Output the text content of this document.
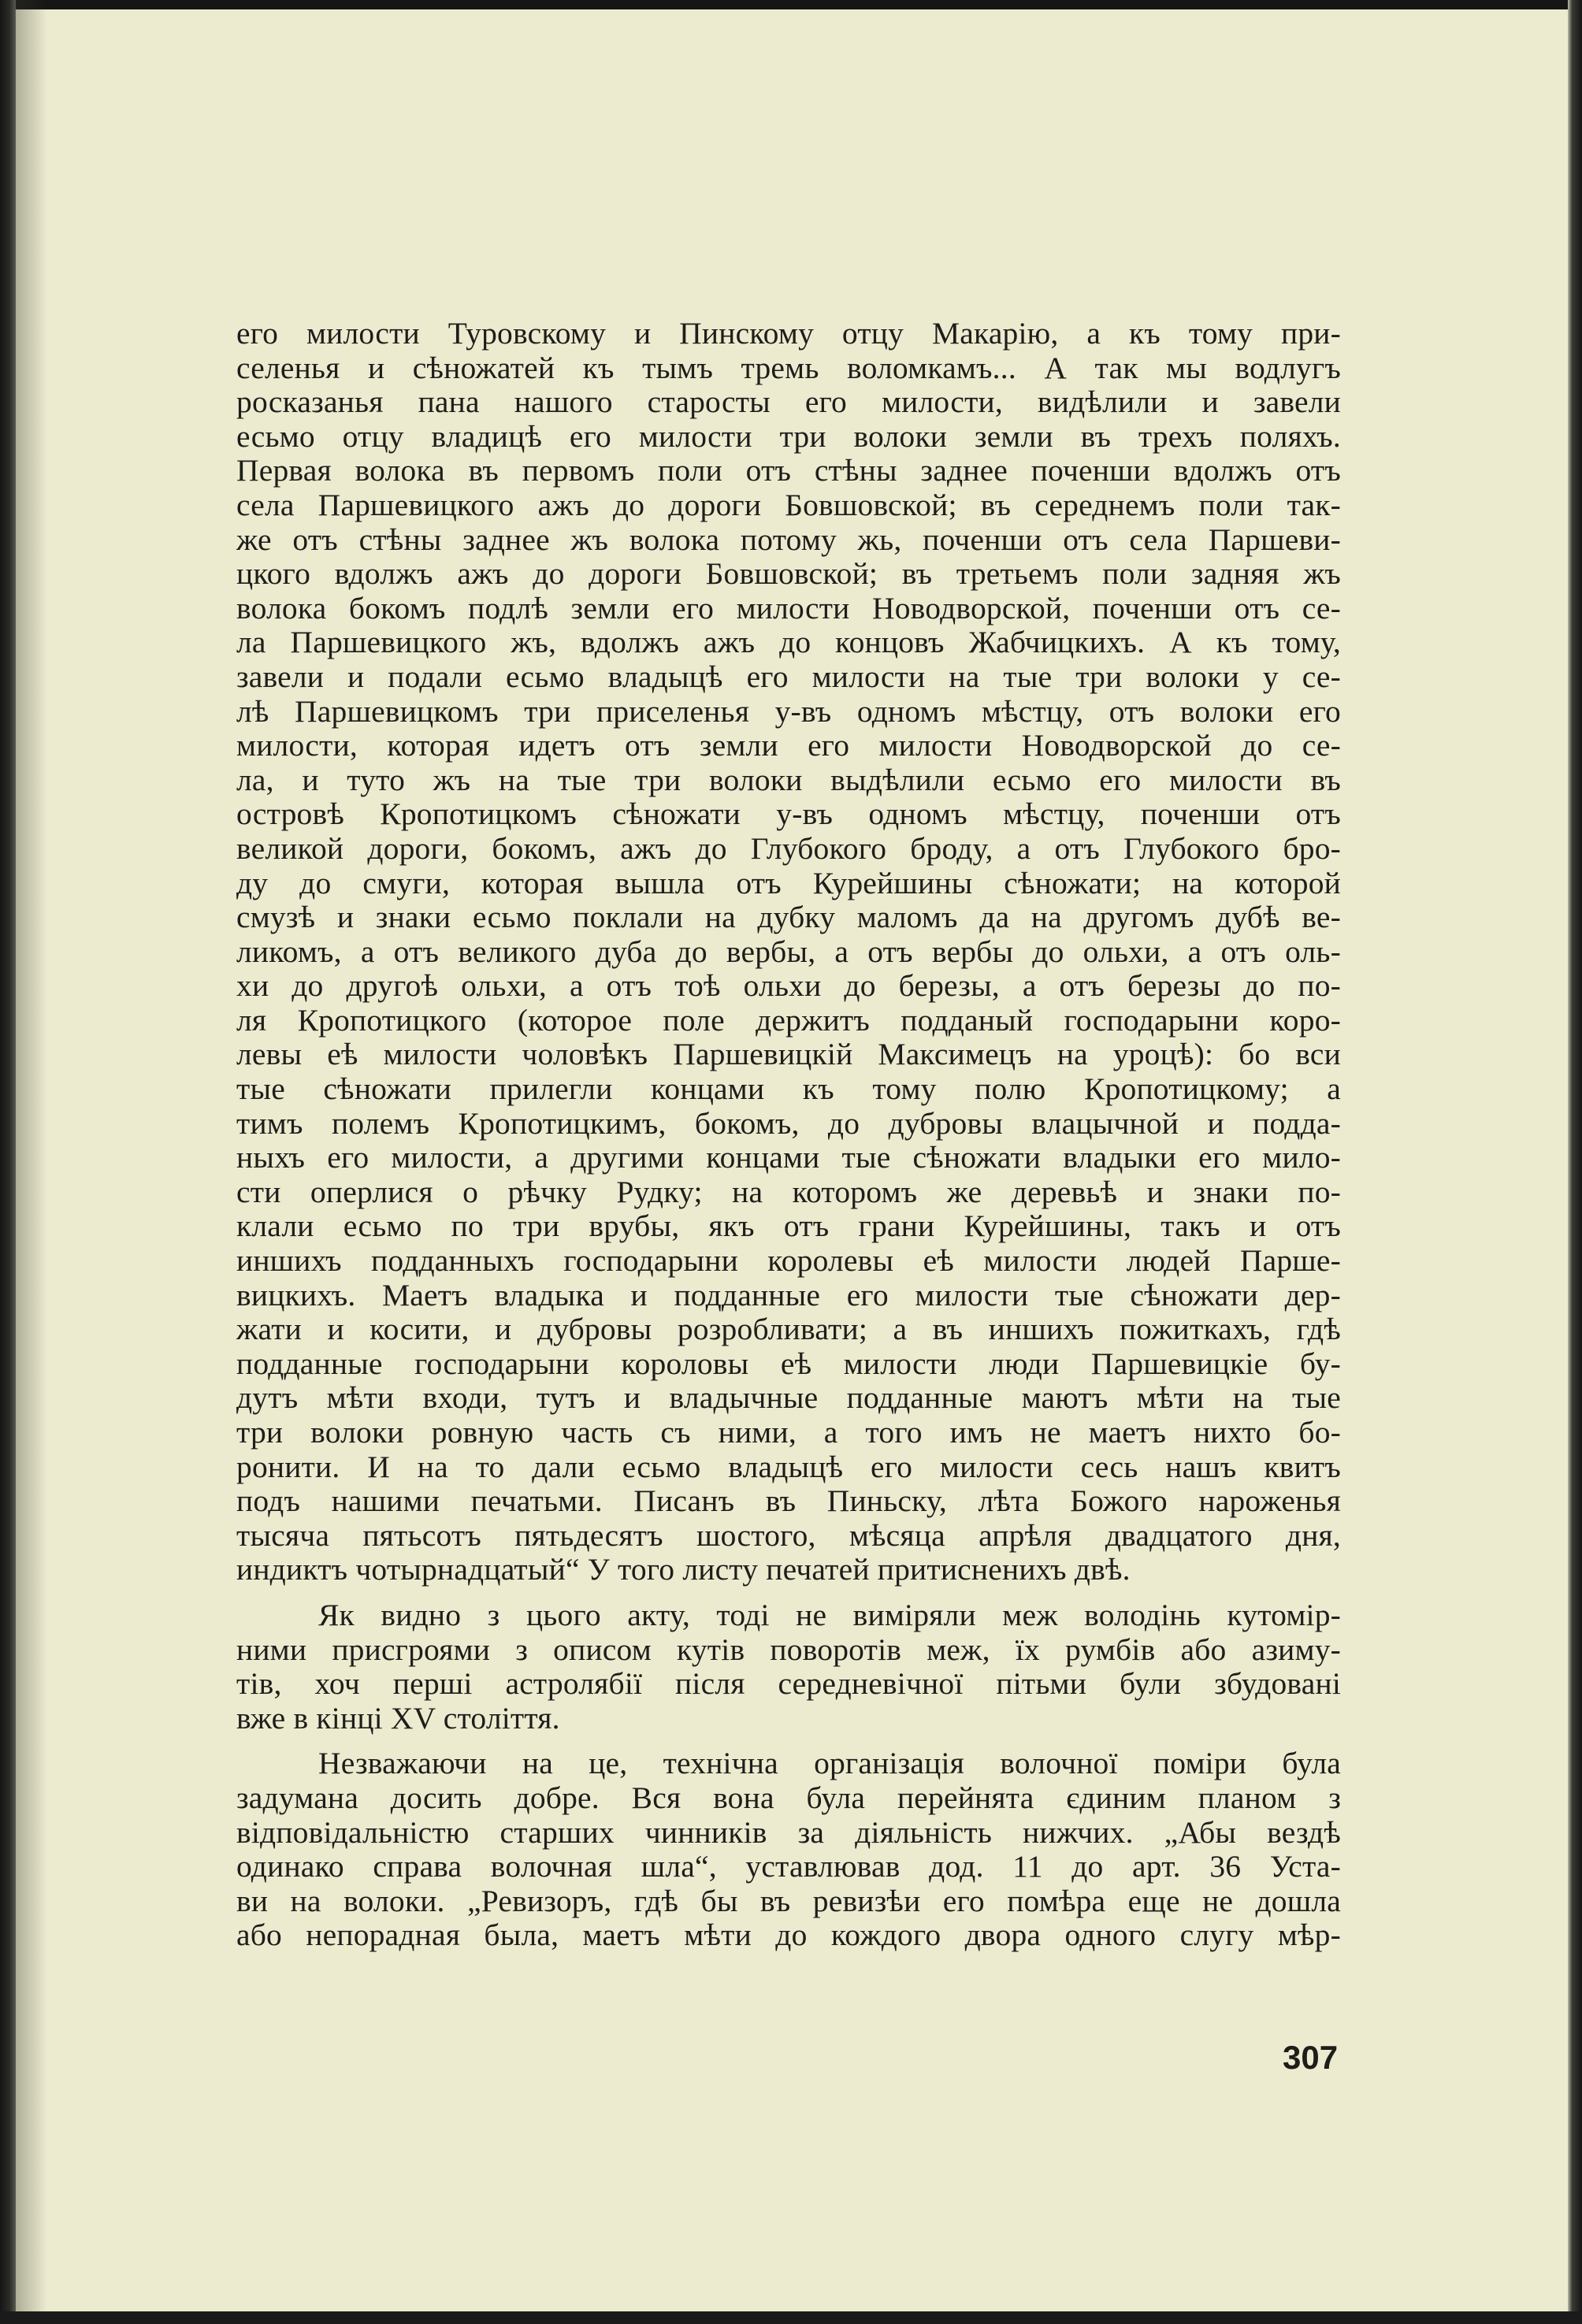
его милости Туровскому и Пинскому отцу Макарію, а къ тому при-
селенья и сѣножатей къ тымъ тремь воломкамъ... А так мы водлугъ
росказанья пана нашого старосты его милости, видѣлили и завели
есьмо отцу владицѣ его милости три волоки земли въ трехъ поляхъ.
Первая волока въ первомъ поли отъ стѣны заднее поченши вдолжъ отъ
села Паршевицкого ажъ до дороги Бовшовской; въ середнемъ поли так-
же отъ стѣны заднее жъ волока потому жь, поченши отъ села Паршеви-
цкого вдолжъ ажъ до дороги Бовшовской; въ третьемъ поли задняя жъ
волока бокомъ подлѣ земли его милости Новодворской, поченши отъ се-
ла Паршевицкого жъ, вдолжъ ажъ до концовъ Жабчицкихъ. А къ тому,
завели и подали есьмо владыцѣ его милости на тые три волоки у се-
лѣ Паршевицкомъ три приселенья у-въ одномъ мѣстцу, отъ волоки его
милости, которая идетъ отъ земли его милости Новодворской до се-
ла, и туто жъ на тые три волоки выдѣлили есьмо его милости въ
островѣ Кропотицкомъ сѣножати у-въ одномъ мѣстцу, поченши отъ
великой дороги, бокомъ, ажъ до Глубокого броду, а отъ Глубокого бро-
ду до смуги, которая вышла отъ Курейшины сѣножати; на которой
смузѣ и знаки есьмо поклали на дубку маломъ да на другомъ дубѣ ве-
ликомъ, а отъ великого дуба до вербы, а отъ вербы до ольхи, а отъ оль-
хи до другоѣ ольхи, а отъ тоѣ ольхи до березы, а отъ березы до по-
ля Кропотицкого (которое поле держитъ подданый господарыни коро-
левы еѣ милости чоловѣкъ Паршевицкій Максимецъ на уроцѣ): бо вси
тые сѣножати прилегли концами къ тому полю Кропотицкому; а
тимъ полемъ Кропотицкимъ, бокомъ, до дубровы влацычной и подда-
ныхъ его милости, а другими концами тые сѣножати владыки его мило-
сти оперлися о рѣчку Рудку; на которомъ же деревьѣ и знаки по-
клали есьмо по три врубы, якъ отъ грани Курейшины, такъ и отъ
иншихъ подданныхъ господарыни королевы еѣ милости людей Парше-
вицкихъ. Маетъ владыка и подданные его милости тые сѣножати дер-
жати и косити, и дубровы розробливати; а въ иншихъ пожиткахъ, гдѣ
подданные господарыни короловы еѣ милости люди Паршевицкіе бу-
дутъ мѣти входи, тутъ и владычные подданные маютъ мѣти на тые
три волоки ровную часть съ ними, а того имъ не маетъ нихто бо-
ронити. И на то дали есьмо владыцѣ его милости сесь нашъ квитъ
подъ нашими печатьми. Писанъ въ Пиньску, лѣта Божого нароженья
тысяча пятьсотъ пятьдесятъ шостого, мѣсяца апрѣля двадцатого дня,
индиктъ чотырнадцатый“ У того листу печатей притисненихъ двѣ.
Як видно з цього акту, тоді не виміряли меж володінь кутомір-
ними присгроями з описом кутів поворотів меж, їх румбів або азиму-
тів, хоч перші астролябії після середневічної пітьми були збудовані
вже в кінці XV століття.
Незважаючи на це, технічна організація волочної поміри була
задумана досить добре. Вся вона була перейнята єдиним планом з
відповідальністю старших чинників за діяльність нижчих. „Абы вездѣ
одинако справа волочная шла“, уставлював дод. 11 до арт. 36 Уста-
ви на волоки. „Ревизоръ, гдѣ бы въ ревизѣи его помѣра еще не дошла
або непорадная была, маетъ мѣти до кождого двора одного слугу мѣр-
307
